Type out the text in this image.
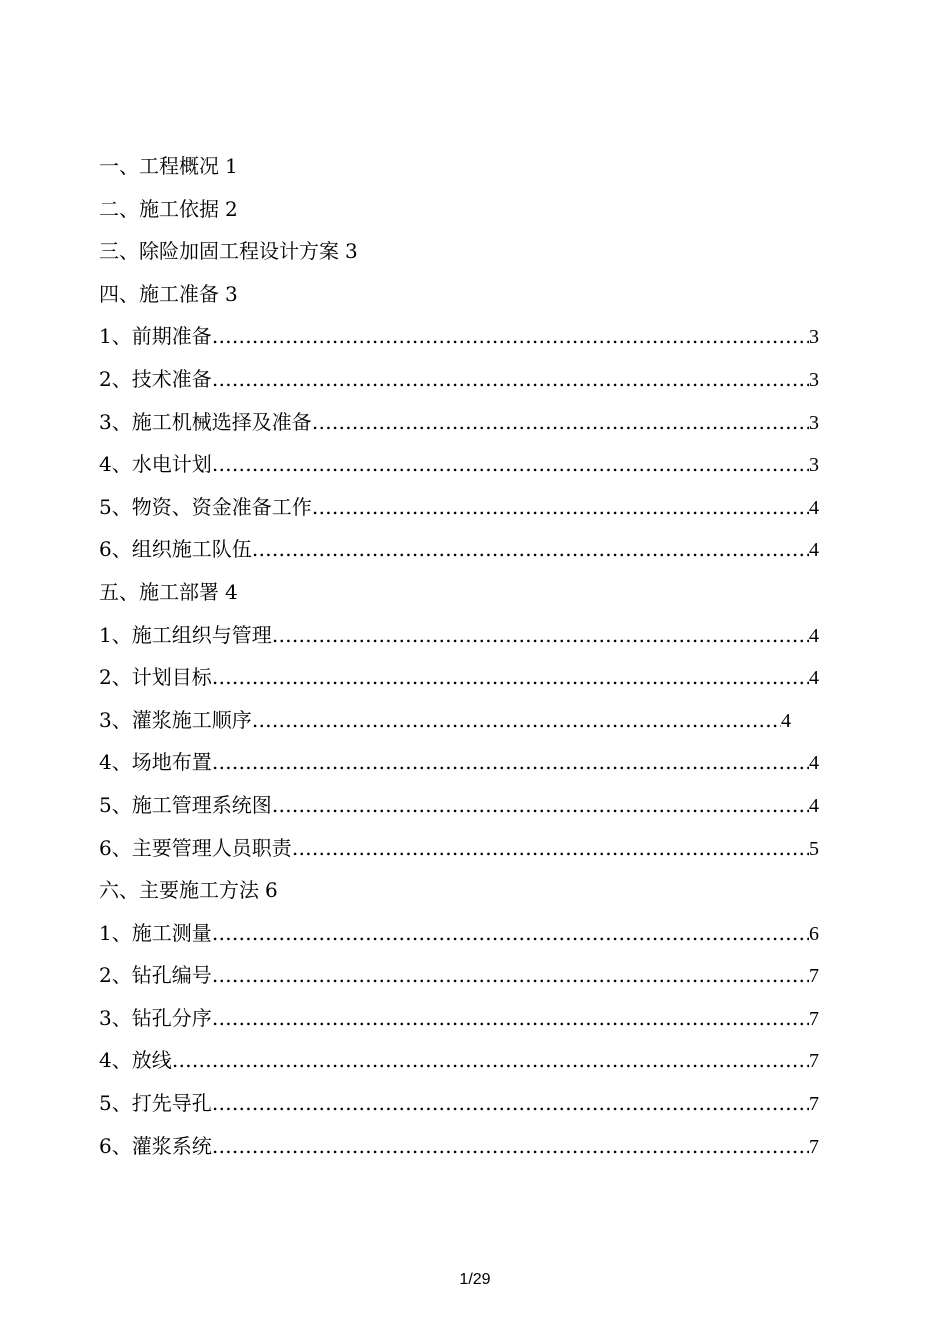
一、工程概况 1
二、施工依据 2
三、除险加固工程设计方案 3
四、施工准备 3
1、前期准备 ……………………………………………………………………………………………………………………………………………………………………………	3
2、技术准备 ……………………………………………………………………………………………………………………………………………………………………………	3
3、施工机械选择及准备 ……………………………………………………………………………………………………………………………………………………………………………	3
4、水电计划 ……………………………………………………………………………………………………………………………………………………………………………	3
5、物资、资金准备工作 ……………………………………………………………………………………………………………………………………………………………………………	4
6、组织施工队伍 ……………………………………………………………………………………………………………………………………………………………………………	4
五、施工部署 4
1、施工组织与管理 ……………………………………………………………………………………………………………………………………………………………………………	4
2、计划目标 ……………………………………………………………………………………………………………………………………………………………………………	4
3、灌浆施工顺序 ……………………………………………………………………………………………………………………………………………………………………………	4
4、场地布置 ……………………………………………………………………………………………………………………………………………………………………………	4
5、施工管理系统图 ……………………………………………………………………………………………………………………………………………………………………………	4
6、主要管理人员职责 ……………………………………………………………………………………………………………………………………………………………………………	5
六、主要施工方法 6
1、施工测量 ……………………………………………………………………………………………………………………………………………………………………………	6
2、钻孔编号 ……………………………………………………………………………………………………………………………………………………………………………	7
3、钻孔分序 ……………………………………………………………………………………………………………………………………………………………………………	7
4、放线 ……………………………………………………………………………………………………………………………………………………………………………	7
5、打先导孔 ……………………………………………………………………………………………………………………………………………………………………………	7
6、灌浆系统 ……………………………………………………………………………………………………………………………………………………………………………	7
1/29
